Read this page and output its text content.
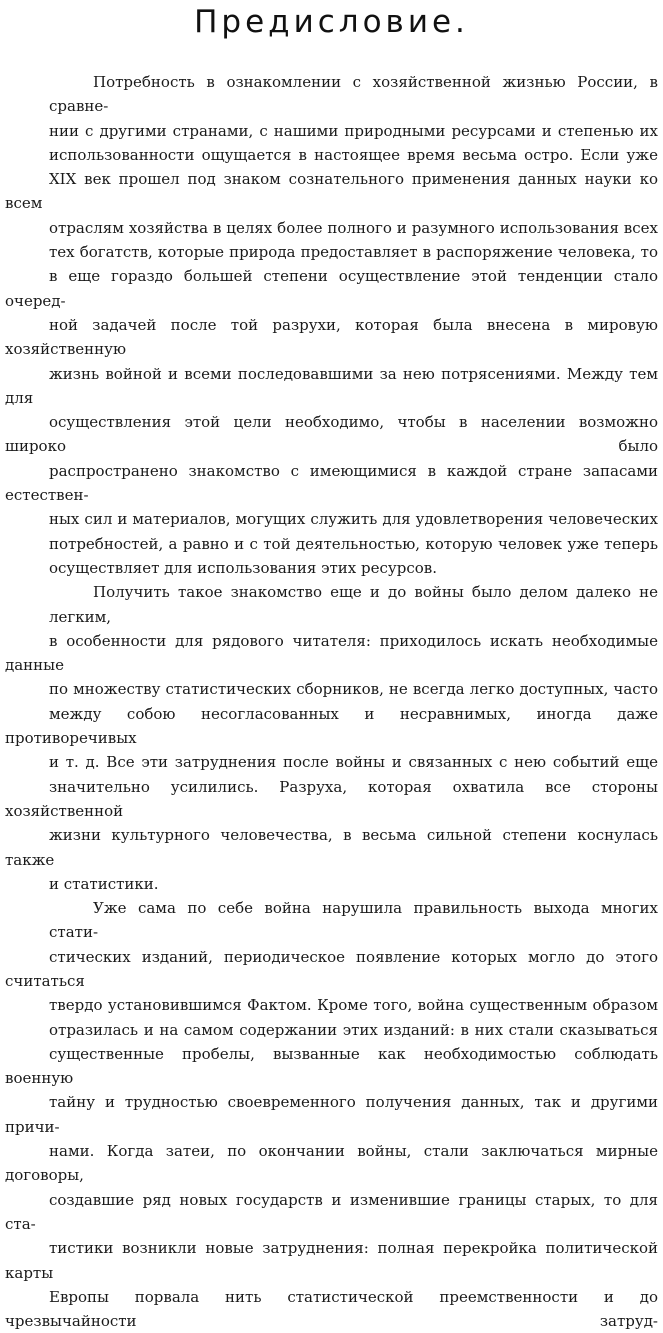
Предисловие.
Потребность в ознакомлении с хозяйственной жизнью России, в сравне-
нии с другими странами, с нашими природными ресурсами и степенью их
использованности ощущается в настоящее время весьма остро. Если уже
XIX век прошел под знаком сознательного применения данных науки ко всем
отраслям хозяйства в целях более полного и разумного использования всех
тех богатств, которые природа предоставляет в распоряжение человека, то
в еще гораздо большей степени осуществление этой тенденции стало очеред-
ной задачей после той разрухи, которая была внесена в мировую хозяйственную
жизнь войной и всеми последовавшими за нею потрясениями. Между тем для
осуществления этой цели необходимо, чтобы в населении возможно широко было
распространено знакомство с имеющимися в каждой стране запасами естествен-
ных сил и материалов, могущих служить для удовлетворения человеческих
потребностей, а равно и с той деятельностью, которую человек уже теперь
осуществляет для использования этих ресурсов.
Получить такое знакомство еще и до войны было делом далеко не легким,
в особенности для рядового читателя: приходилось искать необходимые данные
по множеству статистических сборников, не всегда легко доступных, часто
между собою несогласованных и несравнимых, иногда даже противоречивых
и т. д. Все эти затруднения после войны и связанных с нею событий еще
значительно усилились. Разруха, которая охватила все стороны хозяйственной
жизни культурного человечества, в весьма сильной степени коснулась также
и статистики.
Уже сама по себе война нарушила правильность выхода многих стати-
стических изданий, периодическое появление которых могло до этого считаться
твердо установившимся Фактом. Кроме того, война существенным образом
отразилась и на самом содержании этих изданий: в них стали сказываться
существенные пробелы, вызванные как необходимостью соблюдать военную
тайну и трудностью своевременного получения данных, так и другими причи-
нами. Когда затеи, по окончании войны, стали заключаться мирные договоры,
создавшие ряд новых государств и изменившие границы старых, то для ста-
тистики возникли новые затруднения: полная перекройка политической карты
Европы порвала нить статистической преемственности и до чрезвычайности затруд-
